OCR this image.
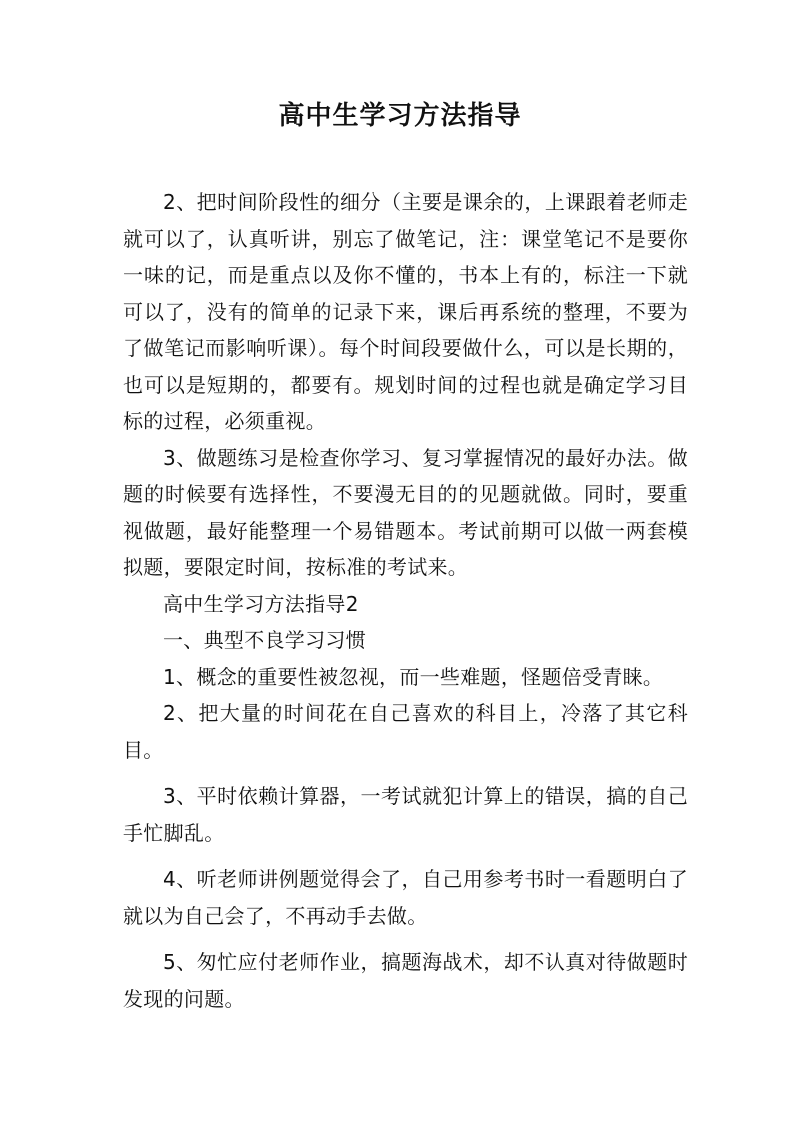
高中生学习方法指导

2、把时间阶段性的细分（主要是课余的，上课跟着老师走就可以了，认真听讲，别忘了做笔记，注：课堂笔记不是要你一味的记，而是重点以及你不懂的，书本上有的，标注一下就可以了，没有的简单的记录下来，课后再系统的整理，不要为了做笔记而影响听课）。每个时间段要做什么，可以是长期的，也可以是短期的，都要有。规划时间的过程也就是确定学习目标的过程，必须重视。

3、做题练习是检查你学习、复习掌握情况的最好办法。做题的时候要有选择性，不要漫无目的的见题就做。同时，要重视做题，最好能整理一个易错题本。考试前期可以做一两套模拟题，要限定时间，按标准的考试来。

高中生学习方法指导2

一、典型不良学习习惯

1、概念的重要性被忽视，而一些难题，怪题倍受青睐。

2、把大量的时间花在自己喜欢的科目上，冷落了其它科目。

3、平时依赖计算器，一考试就犯计算上的错误，搞的自己手忙脚乱。

4、听老师讲例题觉得会了，自己用参考书时一看题明白了就以为自己会了，不再动手去做。

5、匆忙应付老师作业，搞题海战术，却不认真对待做题时发现的问题。
